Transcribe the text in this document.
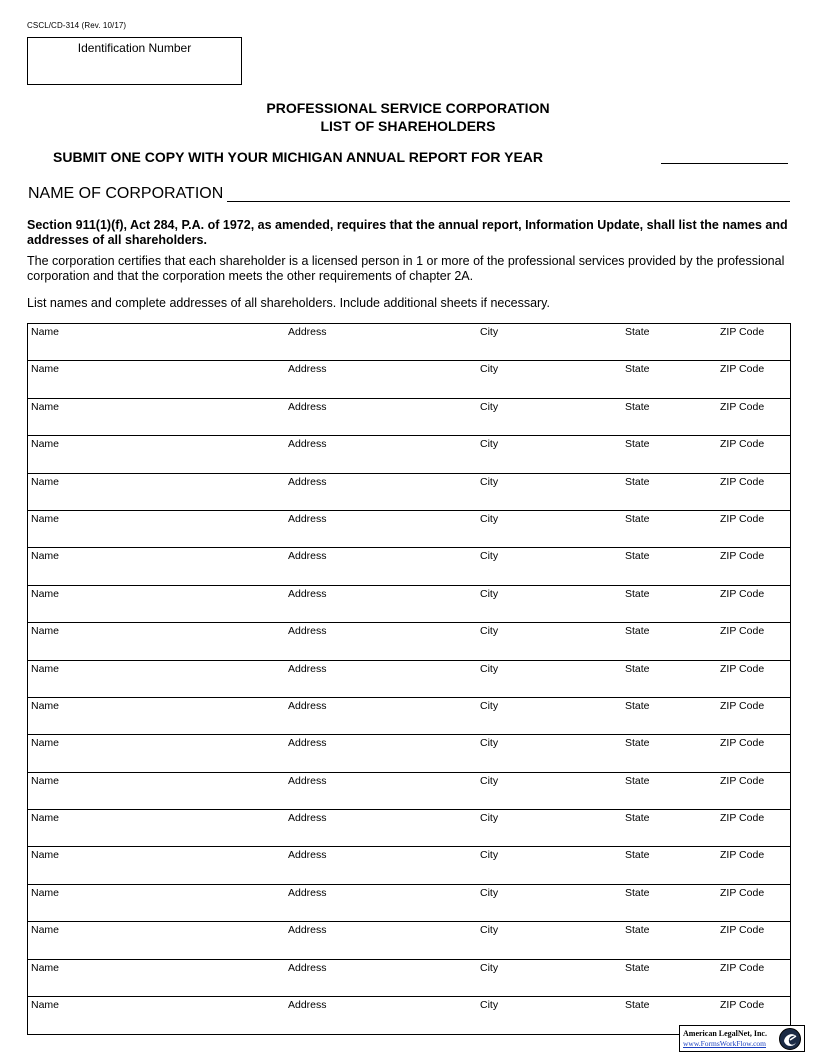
CSCL/CD-314 (Rev. 10/17)
Identification Number
PROFESSIONAL SERVICE CORPORATION
LIST OF SHAREHOLDERS
SUBMIT ONE COPY WITH YOUR MICHIGAN ANNUAL REPORT FOR YEAR
NAME OF CORPORATION
Section 911(1)(f), Act 284, P.A. of 1972, as amended, requires that the annual report, Information Update, shall list the names and addresses of all shareholders.
The corporation certifies that each shareholder is a licensed person in 1 or more of the professional services provided by the professional corporation and that the corporation meets the other requirements of chapter 2A.
List names and complete addresses of all shareholders. Include additional sheets if necessary.
Name	Address	City	State	ZIP Code
Name	Address	City	State	ZIP Code
Name	Address	City	State	ZIP Code
Name	Address	City	State	ZIP Code
Name	Address	City	State	ZIP Code
Name	Address	City	State	ZIP Code
Name	Address	City	State	ZIP Code
Name	Address	City	State	ZIP Code
Name	Address	City	State	ZIP Code
Name	Address	City	State	ZIP Code
Name	Address	City	State	ZIP Code
Name	Address	City	State	ZIP Code
Name	Address	City	State	ZIP Code
Name	Address	City	State	ZIP Code
Name	Address	City	State	ZIP Code
Name	Address	City	State	ZIP Code
Name	Address	City	State	ZIP Code
Name	Address	City	State	ZIP Code
Name	Address	City	State	ZIP Code
American LegalNet, Inc.
www.FormsWorkFlow.com
